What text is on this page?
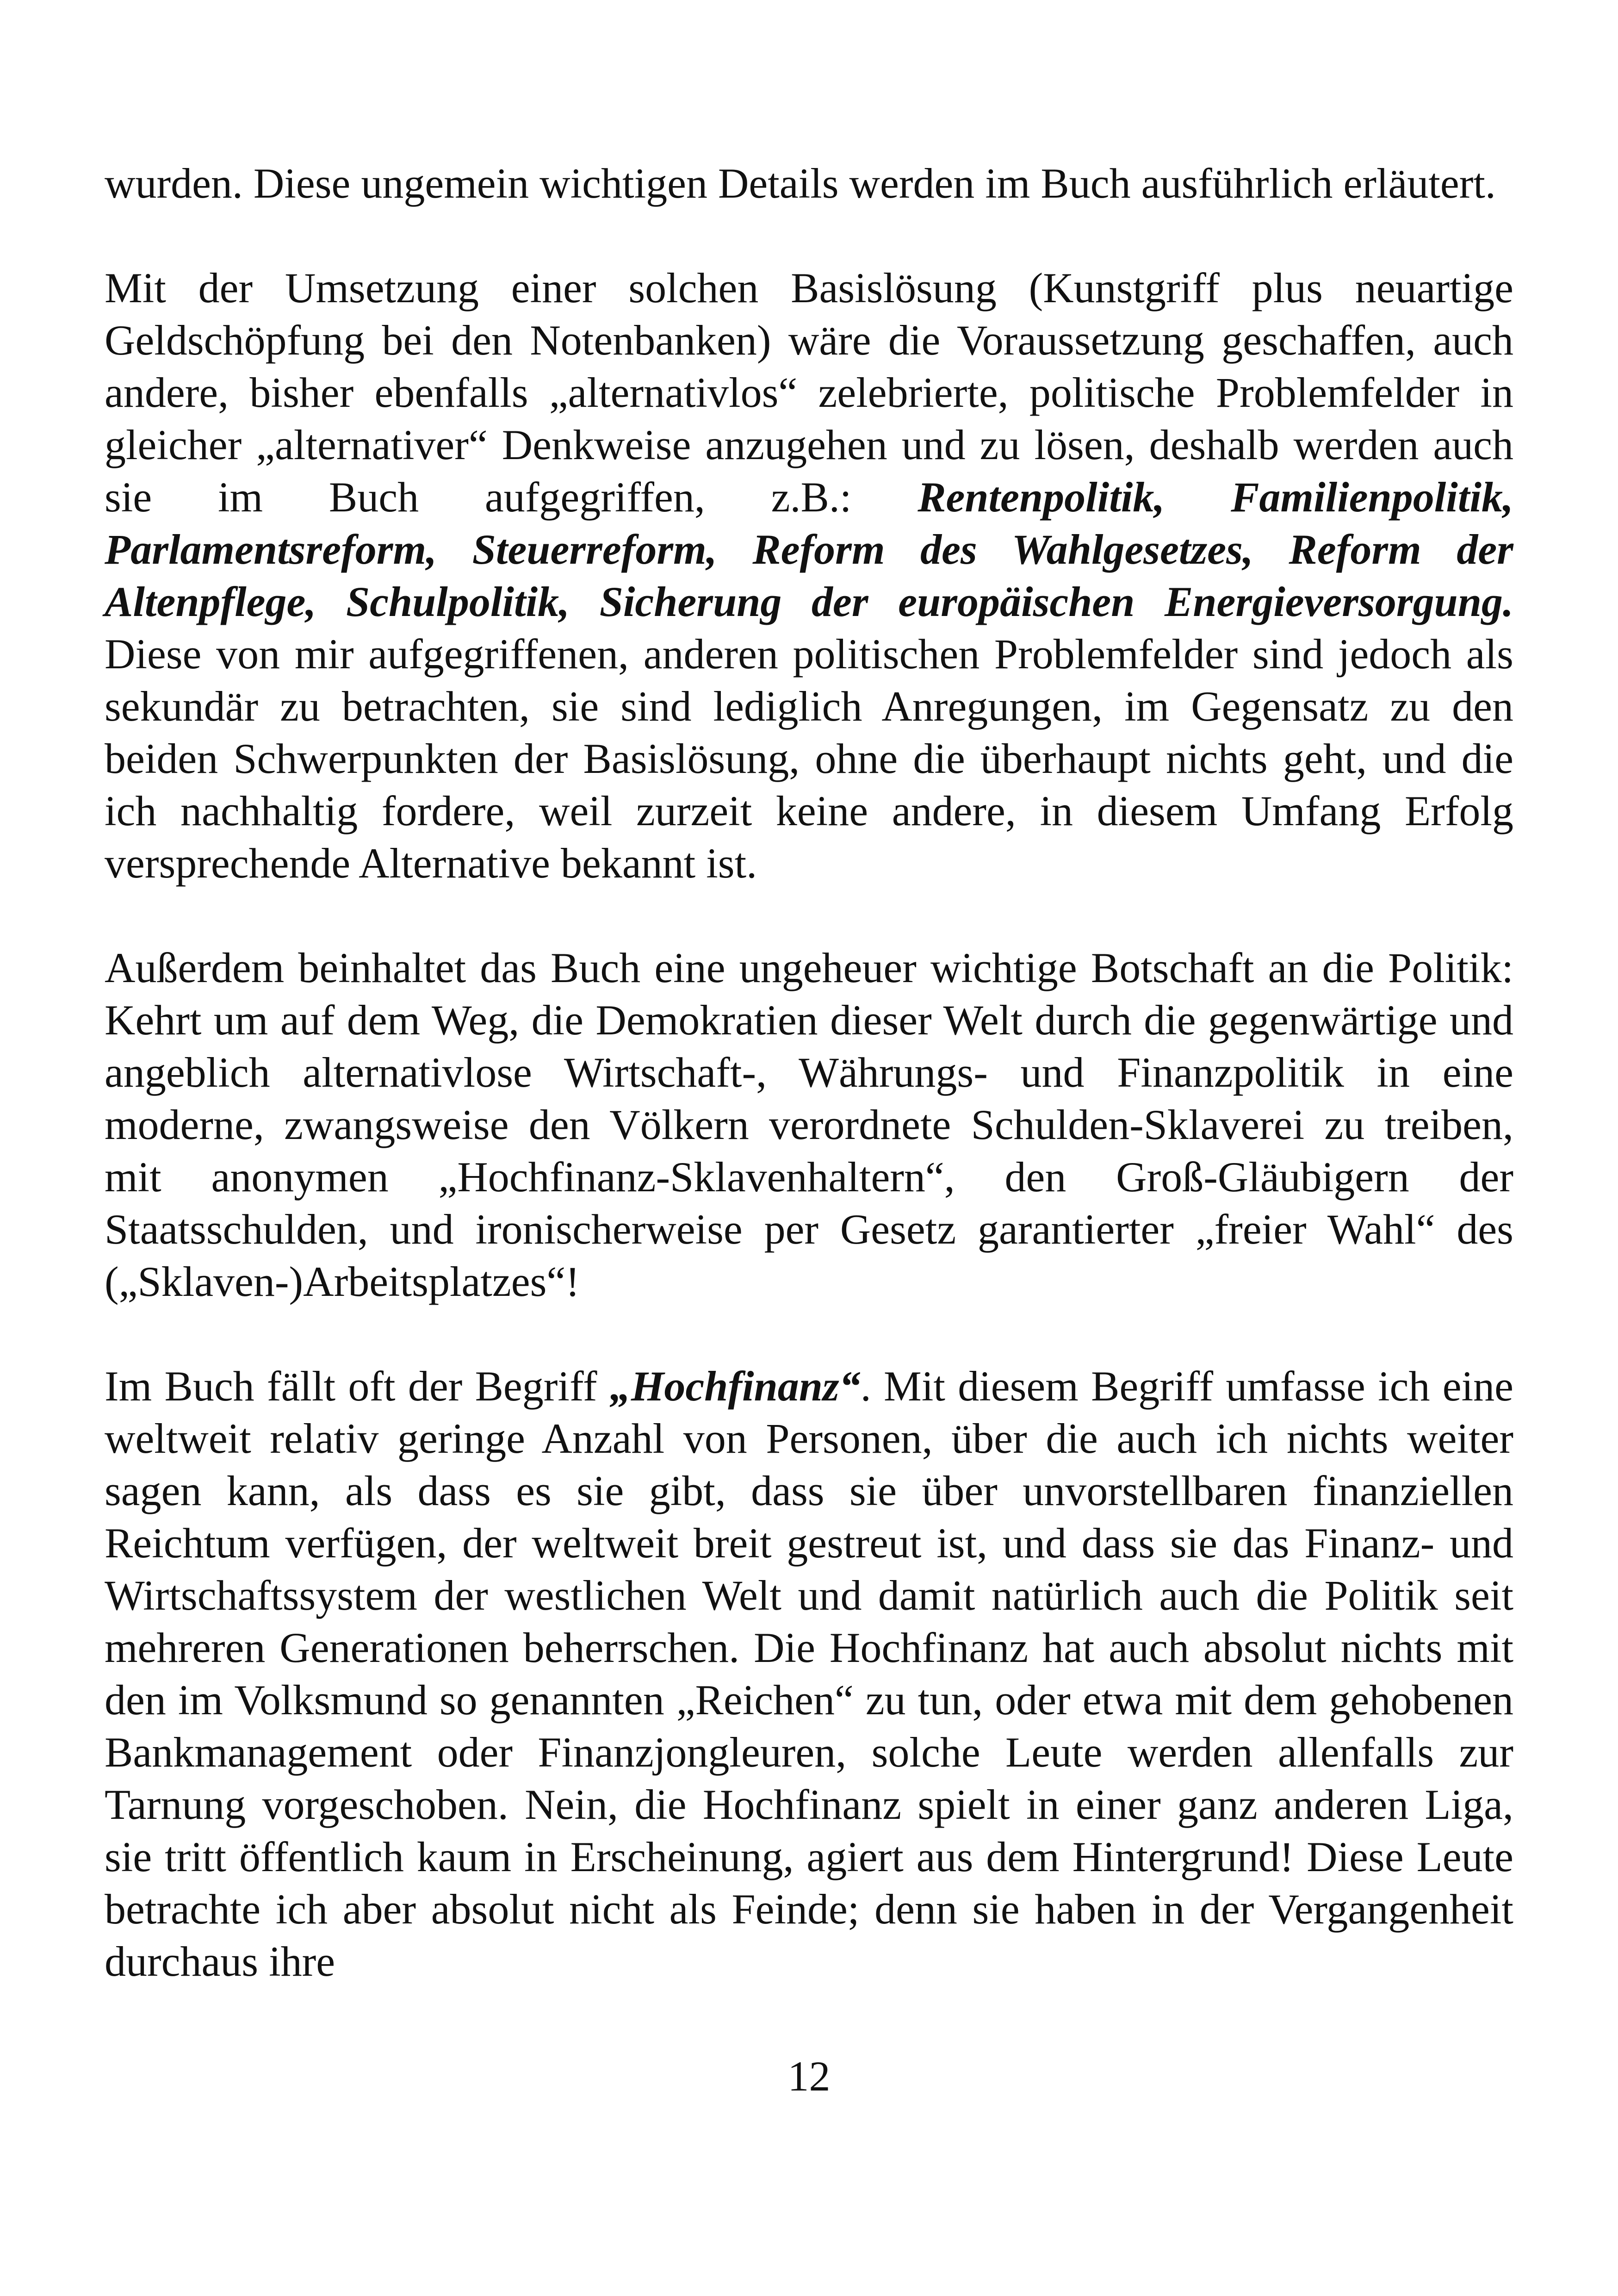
wurden. Diese ungemein wichtigen Details werden im Buch ausführlich erläutert.

Mit der Umsetzung einer solchen Basislösung (Kunstgriff plus neuartige Geldschöpfung bei den Notenbanken) wäre die Voraussetzung geschaffen, auch andere, bisher ebenfalls „alternativlos“ zelebrierte, politische Problemfelder in gleicher „alternativer“ Denkweise anzugehen und zu lösen, deshalb werden auch sie im Buch aufgegriffen, z.B.: Rentenpolitik, Familienpolitik, Parlamentsreform, Steuerreform, Reform des Wahlgesetzes, Reform der Altenpflege, Schulpolitik, Sicherung der europäischen Energieversorgung. Diese von mir aufgegriffenen, anderen politischen Problemfelder sind jedoch als sekundär zu betrachten, sie sind lediglich Anregungen, im Gegensatz zu den beiden Schwerpunkten der Basislösung, ohne die überhaupt nichts geht, und die ich nachhaltig fordere, weil zurzeit keine andere, in diesem Umfang Erfolg versprechende Alternative bekannt ist.

Außerdem beinhaltet das Buch eine ungeheuer wichtige Botschaft an die Politik: Kehrt um auf dem Weg, die Demokratien dieser Welt durch die gegenwärtige und angeblich alternativlose Wirtschaft-, Währungs- und Finanzpolitik in eine moderne, zwangsweise den Völkern verordnete Schulden-Sklaverei zu treiben, mit anonymen „Hochfinanz-Sklavenhaltern“, den Groß-Gläubigern der Staatsschulden, und ironischerweise per Gesetz garantierter „freier Wahl“ des („Sklaven-)Arbeitsplatzes“!

Im Buch fällt oft der Begriff „Hochfinanz“. Mit diesem Begriff umfasse ich eine weltweit relativ geringe Anzahl von Personen, über die auch ich nichts weiter sagen kann, als dass es sie gibt, dass sie über unvorstellbaren finanziellen Reichtum verfügen, der weltweit breit gestreut ist, und dass sie das Finanz- und Wirtschaftssystem der westlichen Welt und damit natürlich auch die Politik seit mehreren Generationen beherrschen. Die Hochfinanz hat auch absolut nichts mit den im Volksmund so genannten „Reichen“ zu tun, oder etwa mit dem gehobenen Bankmanagement oder Finanzjongleuren, solche Leute werden allenfalls zur Tarnung vorgeschoben. Nein, die Hochfinanz spielt in einer ganz anderen Liga, sie tritt öffentlich kaum in Erscheinung, agiert aus dem Hintergrund! Diese Leute betrachte ich aber absolut nicht als Feinde; denn sie haben in der Vergangenheit durchaus ihre

12
